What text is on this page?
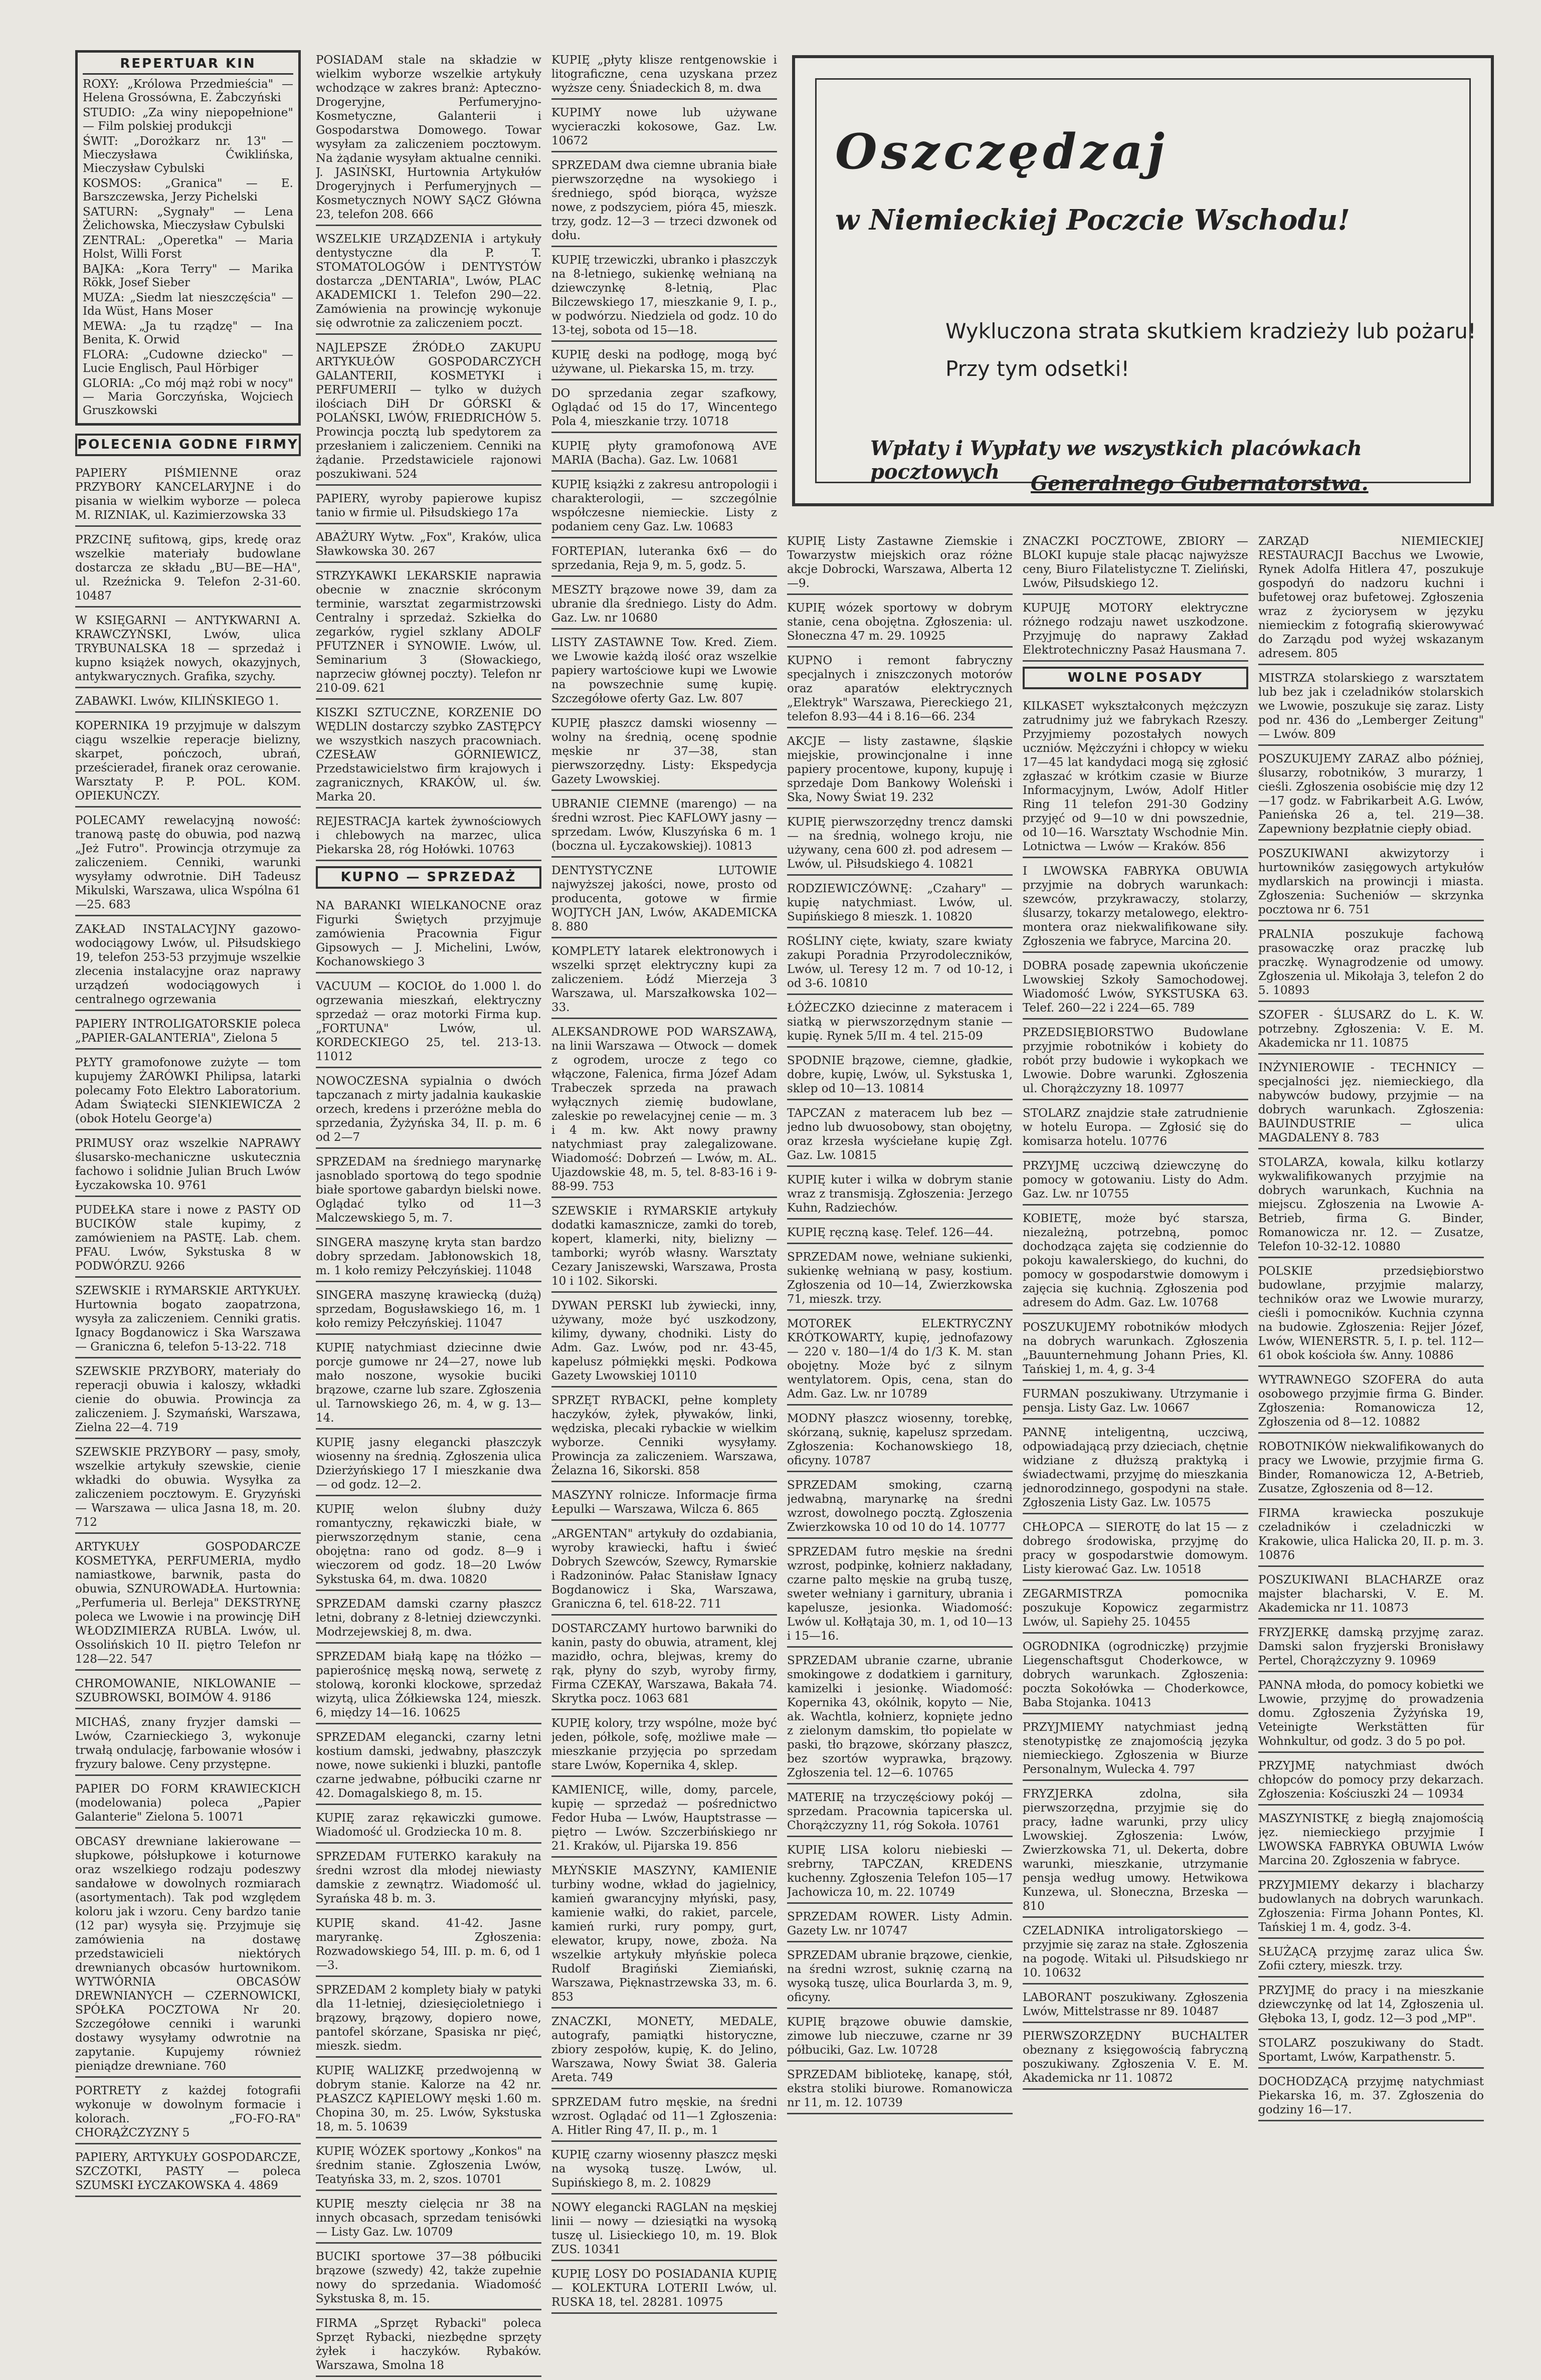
REPERTUAR KIN
ROXY: „Królowa Przedmieścia" — Helena Grossówna, E. Żabczyński
STUDIO: „Za winy niepopełnione" — Film polskiej produkcji
ŚWIT: „Dorożkarz nr. 13" — Mieczysława Ćwiklińska, Mieczysław Cybulski
KOSMOS: „Granica" — E. Barszczewska, Jerzy Pichelski
SATURN: „Sygnały" — Lena Żelichowska, Mieczysław Cybulski
ZENTRAL: „Operetka" — Maria Holst, Willi Forst
BAJKA: „Kora Terry" — Marika Rökk, Josef Sieber
MUZA: „Siedm lat nieszczęścia" — Ida Wüst, Hans Moser
MEWA: „Ja tu rządzę" — Ina Benita, K. Orwid
FLORA: „Cudowne dziecko" — Lucie Englisch, Paul Hörbiger
GLORIA: „Co mój mąż robi w nocy" — Maria Gorczyńska, Wojciech Gruszkowski
POLECENIA GODNE FIRMY
PAPIERY PIŚMIENNE oraz PRZYBORY KANCELARYJNE i do pisania w wielkim wyborze — poleca M. RIZNIAK, ul. Kazimierzowska 33
PRZCINĘ sufitową, gips, kredę oraz wszelkie materiały budowlane dostarcza ze składu „BU—BE—HA", ul. Rzeźnicka 9. Telefon 2-31-60. 10487
W KSIĘGARNI — ANTYKWARNI A. KRAWCZYŃSKI, Lwów, ulica TRYBUNALSKA 18 — sprzedaż i kupno książek nowych, okazyjnych, antykwarycznych. Grafika, szychy.
ZABAWKI. Lwów, KILIŃSKIEGO 1.
KOPERNIKA 19 przyjmuje w dalszym ciągu wszelkie reperacje bielizny, skarpet, pończoch, ubrań, prześcieradeł, firanek oraz cerowanie. Warsztaty P. P. POL. KOM. OPIEKUŃCZY.
POLECAMY rewelacyjną nowość: tranową pastę do obuwia, pod nazwą „Jeż Futro". Prowincja otrzymuje za zaliczeniem. Cenniki, warunki wysyłamy odwrotnie. DiH Tadeusz Mikulski, Warszawa, ulica Wspólna 61—25. 683
ZAKŁAD INSTALACYJNY gazowo-wodociągowy Lwów, ul. Piłsudskiego 19, telefon 253-53 przyjmuje wszelkie zlecenia instalacyjne oraz naprawy urządzeń wodociągowych i centralnego ogrzewania
PAPIERY INTROLIGATORSKIE poleca „PAPIER-GALANTERIA", Zielona 5
PŁYTY gramofonowe zużyte — tom kupujemy ŻARÓWKI Philipsa, latarki polecamy Foto Elektro Laboratorium. Adam Świątecki SIENKIEWICZA 2 (obok Hotelu George'a)
PRIMUSY oraz wszelkie NAPRAWY ślusarsko-mechaniczne uskutecznia fachowo i solidnie Julian Bruch Lwów Łyczakowska 10. 9761
PUDEŁKA stare i nowe z PASTY OD BUCIKÓW stale kupimy, z zamówieniem na PASTĘ. Lab. chem. PFAU. Lwów, Sykstuska 8 w PODWÓRZU. 9266
SZEWSKIE i RYMARSKIE ARTYKUŁY. Hurtownia bogato zaopatrzona, wysyła za zaliczeniem. Cenniki gratis. Ignacy Bogdanowicz i Ska Warszawa — Graniczna 6, telefon 5-13-22. 718
SZEWSKIE PRZYBORY, materiały do reperacji obuwia i kaloszy, wkładki cienie do obuwia. Prowincja za zaliczeniem. J. Szymański, Warszawa, Zielna 22—4. 719
SZEWSKIE PRZYBORY — pasy, smoły, wszelkie artykuły szewskie, cienie wkładki do obuwia. Wysyłka za zaliczeniem pocztowym. E. Gryzyński — Warszawa — ulica Jasna 18, m. 20. 712
ARTYKUŁY GOSPODARCZE KOSMETYKA, PERFUMERIA, mydło namiastkowe, barwnik, pasta do obuwia, SZNUROWADŁA. Hurtownia: „Perfumeria ul. Berleja" DEKSTRYNĘ poleca we Lwowie i na prowincję DiH WŁODZIMIERZA RUBLA. Lwów, ul. Ossolińskich 10 II. piętro Telefon nr 128—22. 547
CHROMOWANIE, NIKLOWANIE — SZUBROWSKI, BOIMÓW 4. 9186
MICHAŚ, znany fryzjer damski — Lwów, Czarnieckiego 3, wykonuje trwałą ondulację, farbowanie włosów i fryzury balowe. Ceny przystępne.
PAPIER DO FORM KRAWIECKICH (modelowania) poleca „Papier Galanterie" Zielona 5. 10071
OBCASY drewniane lakierowane — słupkowe, półsłupkowe i koturnowe oraz wszelkiego rodzaju podeszwy sandałowe w dowolnych rozmiarach (asortymentach). Tak pod względem koloru jak i wzoru. Ceny bardzo tanie (12 par) wysyła się. Przyjmuje się zamówienia na dostawę przedstawicieli niektórych drewnianych obcasów hurtownikom. WYTWÓRNIA OBCASÓW DREWNIANYCH — CZERNOWICKI, SPÓŁKA POCZTOWA Nr 20. Szczegółowe cenniki i warunki dostawy wysyłamy odwrotnie na zapytanie. Kupujemy również pieniądze drewniane. 760
PORTRETY z każdej fotografii wykonuje w dowolnym formacie i kolorach. „FO-FO-RA" CHORĄŻCZYZNY 5
PAPIERY, ARTYKUŁY GOSPODARCZE, SZCZOTKI, PASTY — poleca SZUMSKI ŁYCZAKOWSKA 4. 4869
POSIADAM stale na składzie w wielkim wyborze wszelkie artykuły wchodzące w zakres branż: Apteczno-Drogeryjne, Perfumeryjno-Kosmetyczne, Galanterii i Gospodarstwa Domowego. Towar wysyłam za zaliczeniem pocztowym. Na żądanie wysyłam aktualne cenniki. J. JASIŃSKI, Hurtownia Artykułów Drogeryjnych i Perfumeryjnych — Kosmetycznych NOWY SĄCZ Główna 23, telefon 208. 666
WSZELKIE URZĄDZENIA i artykuły dentystyczne dla P. T. STOMATOLOGÓW i DENTYSTÓW dostarcza „DENTARIA", Lwów, PLAC AKADEMICKI 1. Telefon 290—22. Zamówienia na prowincję wykonuje się odwrotnie za zaliczeniem poczt.
NAJLEPSZE ŹRÓDŁO ZAKUPU ARTYKUŁÓW GOSPODARCZYCH GALANTERII, KOSMETYKI i PERFUMERII — tylko w dużych ilościach DiH Dr GÓRSKI & POLAŃSKI, LWÓW, FRIEDRICHÓW 5. Prowincja pocztą lub spedytorem za przesłaniem i zaliczeniem. Cenniki na żądanie. Przedstawiciele rajonowi poszukiwani. 524
PAPIERY, wyroby papierowe kupisz tanio w firmie ul. Piłsudskiego 17a
ABAŻURY Wytw. „Fox", Kraków, ulica Sławkowska 30. 267
STRZYKAWKI LEKARSKIE naprawia obecnie w znacznie skróconym terminie, warsztat zegarmistrzowski Centralny i sprzedaż. Szkiełka do zegarków, rygiel szklany ADOLF PFUTZNER i SYNOWIE. Lwów, ul. Seminarium 3 (Słowackiego, naprzeciw głównej poczty). Telefon nr 210-09. 621
KISZKI SZTUCZNE, KORZENIE DO WĘDLIN dostarczy szybko ZASTĘPCY we wszystkich naszych pracowniach. CZESŁAW GÓRNIEWICZ, Przedstawicielstwo firm krajowych i zagranicznych, KRAKÓW, ul. św. Marka 20.
REJESTRACJA kartek żywnościowych i chlebowych na marzec, ulica Piekarska 28, róg Hołówki. 10763
KUPNO — SPRZEDAŻ
NA BARANKI WIELKANOCNE oraz Figurki Świętych przyjmuje zamówienia Pracownia Figur Gipsowych — J. Michelini, Lwów, Kochanowskiego 3
VACUUM — KOCIOŁ do 1.000 l. do ogrzewania mieszkań, elektryczny sprzedaż — oraz motorki Firma kup. „FORTUNA" Lwów, ul. KORDECKIEGO 25, tel. 213-13. 11012
NOWOCZESNA sypialnia o dwóch tapczanach z mirty jadalnia kaukaskie orzech, kredens i przeróżne mebla do sprzedania, Żyżyńska 34, II. p. m. 6 od 2—7
SPRZEDAM na średniego marynarkę jasnoblado sportową do tego spodnie białe sportowe gabardyn bielski nowe. Oglądać tylko od 11—3 Malczewskiego 5, m. 7.
SINGERA maszynę kryta stan bardzo dobry sprzedam. Jabłonowskich 18, m. 1 koło remizy Pełczyńskiej. 11048
SINGERA maszynę krawiecką (dużą) sprzedam, Bogusławskiego 16, m. 1 koło remizy Pełczyńskiej. 11047
KUPIĘ natychmiast dziecinne dwie porcje gumowe nr 24—27, nowe lub mało noszone, wysokie buciki brązowe, czarne lub szare. Zgłoszenia ul. Tarnowskiego 26, m. 4, w g. 13—14.
KUPIĘ jasny elegancki płaszczyk wiosenny na średnią. Zgłoszenia ulica Dzierżyńskiego 17 I mieszkanie dwa — od godz. 12—2.
KUPIĘ welon ślubny duży romantyczny, rękawiczki białe, w pierwszorzędnym stanie, cena obojętna: rano od godz. 8—9 i wieczorem od godz. 18—20 Lwów Sykstuska 64, m. dwa. 10820
SPRZEDAM damski czarny płaszcz letni, dobrany z 8-letniej dziewczynki. Modrzejewskiej 8, m. dwa.
SPRZEDAM białą kapę na tłóżko — papierośnicę męską nową, serwetę z stolową, koronki klockowe, sprzedaż wizytą, ulica Żółkiewska 124, mieszk. 6, między 14—16. 10625
SPRZEDAM elegancki, czarny letni kostium damski, jedwabny, płaszczyk nowe, nowe sukienki i bluzki, pantofle czarne jedwabne, półbuciki czarne nr 42. Domagalskiego 8, m. 15.
KUPIĘ zaraz rękawiczki gumowe. Wiadomość ul. Grodziecka 10 m. 8.
SPRZEDAM FUTERKO karakuły na średni wzrost dla młodej niewiasty damskie z zewnątrz. Wiadomość ul. Syrańska 48 b. m. 3.
KUPIĘ skand. 41-42. Jasne maryrankę. Zgłoszenia: Rozwadowskiego 54, III. p. m. 6, od 1—3.
SPRZEDAM 2 komplety biały w patyki dla 11-letniej, dziesięcioletniego i brązowy, brązowy, dopiero nowe, pantofel skórzane, Spasiska nr pięć, mieszk. siedm.
KUPIĘ WALIZKĘ przedwojenną w dobrym stanie. Kalorze na 42 nr. PŁASZCZ KĄPIELOWY męski 1.60 m. Chopina 30, m. 25. Lwów, Sykstuska 18, m. 5. 10639
KUPIĘ WÓZEK sportowy „Konkos" na średnim stanie. Zgłoszenia Lwów, Teatyńska 33, m. 2, szos. 10701
KUPIĘ meszty cielęcia nr 38 na innych obcasach, sprzedam tenisówki — Listy Gaz. Lw. 10709
BUCIKI sportowe 37—38 półbuciki brązowe (szwedy) 42, także zupełnie nowy do sprzedania. Wiadomość Sykstuska 8, m. 15.
FIRMA „Sprzęt Rybacki" poleca Sprzęt Rybacki, niezbędne sprzęty żyłek i haczyków. Rybaków. Warszawa, Smolna 18
KUPIĘ „płyty klisze rentgenowskie i litograficzne, cena uzyskana przez wyższe ceny. Śniadeckich 8, m. dwa
KUPIMY nowe lub używane wycieraczki kokosowe, Gaz. Lw. 10672
SPRZEDAM dwa ciemne ubrania białe pierwszorzędne na wysokiego i średniego, spód biorąca, wyższe nowe, z podszyciem, pióra 45, mieszk. trzy, godz. 12—3 — trzeci dzwonek od dołu.
KUPIĘ trzewiczki, ubranko i płaszczyk na 8-letniego, sukienkę wełnianą na dziewczynkę 8-letnią, Plac Bilczewskiego 17, mieszkanie 9, I. p., w podwórzu. Niedziela od godz. 10 do 13-tej, sobota od 15—18.
KUPIĘ deski na podłogę, mogą być używane, ul. Piekarska 15, m. trzy.
DO sprzedania zegar szafkowy, Oglądać od 15 do 17, Wincentego Pola 4, mieszkanie trzy. 10718
KUPIĘ płyty gramofonową AVE MARIA (Bacha). Gaz. Lw. 10681
KUPIĘ książki z zakresu antropologii i charakterologii, — szczególnie współczesne niemieckie. Listy z podaniem ceny Gaz. Lw. 10683
FORTEPIAN, luteranka 6x6 — do sprzedania, Reja 9, m. 5, godz. 5.
MESZTY brązowe nowe 39, dam za ubranie dla średniego. Listy do Adm. Gaz. Lw. nr 10680
LISTY ZASTAWNE Tow. Kred. Ziem. we Lwowie każdą ilość oraz wszelkie papiery wartościowe kupi we Lwowie na powszechnie sumę kupię. Szczegółowe oferty Gaz. Lw. 807
KUPIĘ płaszcz damski wiosenny — wolny na średnią, ocenę spodnie męskie nr 37—38, stan pierwszorzędny. Listy: Ekspedycja Gazety Lwowskiej.
UBRANIE CIEMNE (marengo) — na średni wzrost. Piec KAFLOWY jasny — sprzedam. Lwów, Kluszyńska 6 m. 1 (boczna ul. Łyczakowskiej). 10813
DENTYSTYCZNE LUTOWIE najwyższej jakości, nowe, prosto od producenta, gotowe w firmie WOJTYCH JAN, Lwów, AKADEMICKA 8. 880
KOMPLETY latarek elektronowych i wszelki sprzęt elektryczny kupi za zaliczeniem. Łódź Mierzeja 3 Warszawa, ul. Marszałkowska 102—33.
ALEKSANDROWE POD WARSZAWĄ, na linii Warszawa — Otwock — domek z ogrodem, urocze z tego co włączone, Falenica, firma Józef Adam Trabeczek sprzeda na prawach wyłącznych ziemię budowlane, zaleskie po rewelacyjnej cenie — m. 3 i 4 m. kw. Akt nowy prawny natychmiast pray zalegalizowane. Wiadomość: Dobrzeń — Lwów, m. AL. Ujazdowskie 48, m. 5, tel. 8-83-16 i 9-88-99. 753
SZEWSKIE i RYMARSKIE artykuły dodatki kamasznicze, zamki do toreb, kopert, klamerki, nity, bielizny — tamborki; wyrób własny. Warsztaty Cezary Janiszewski, Warszawa, Prosta 10 i 102. Sikorski.
DYWAN PERSKI lub żywiecki, inny, używany, może być uszkodzony, kilimy, dywany, chodniki. Listy do Adm. Gaz. Lwów, pod nr. 43-45, kapelusz półmiękki męski. Podkowa Gazety Lwowskiej 10110
SPRZĘT RYBACKI, pełne komplety haczyków, żyłek, pływaków, linki, wędziska, plecaki rybackie w wielkim wyborze. Cenniki wysyłamy. Prowincja za zaliczeniem. Warszawa, Żelazna 16, Sikorski. 858
MASZYNY rolnicze. Informacje firma Łepulki — Warszawa, Wilcza 6. 865
„ARGENTAN" artykuły do ozdabiania, wyroby krawiecki, haftu i świeć Dobrych Szewców, Szewcy, Rymarskie i Radzoninów. Pałac Stanisław Ignacy Bogdanowicz i Ska, Warszawa, Graniczna 6, tel. 618-22. 711
DOSTARCZAMY hurtowo barwniki do kanin, pasty do obuwia, atrament, klej mazidło, ochra, blejwas, kremy do rąk, płyny do szyb, wyroby firmy, Firma CZEKAY, Warszawa, Bakała 74. Skrytka pocz. 1063 681
KUPIĘ kolory, trzy wspólne, może być jeden, półkole, sofę, możliwe małe — mieszkanie przyjęcia po sprzedam stare Lwów, Kopernika 4, sklep.
KAMIENICĘ, wille, domy, parcele, kupię — sprzedaż — pośrednictwo Fedor Huba — Lwów, Hauptstrasse — piętro — Lwów. Szczerbińskiego nr 21. Kraków, ul. Pijarska 19. 856
MŁYŃSKIE MASZYNY, KAMIENIE turbiny wodne, wkład do jagielnicy, kamień gwarancyjny młyński, pasy, kamienie wałki, do rakiet, parcele, kamień rurki, rury pompy, gurt, elewator, krupy, nowe, zboża. Na wszelkie artykuły młyńskie poleca Rudolf Bragiński Ziemiański, Warszawa, Pięknastrzewska 33, m. 6. 853
ZNACZKI, MONETY, MEDALE, autografy, pamiątki historyczne, zbiory zespołów, kupię, K. do Jelino, Warszawa, Nowy Świat 38. Galeria Areta. 749
SPRZEDAM futro męskie, na średni wzrost. Oglądać od 11—1 Zgłoszenia: A. Hitler Ring 47, II. p., m. 1
KUPIĘ czarny wiosenny płaszcz męski na wysoką tuszę. Lwów, ul. Supińskiego 8, m. 2. 10829
NOWY elegancki RAGLAN na męskiej linii — nowy — dziesiątki na wysoką tuszę ul. Lisieckiego 10, m. 19. Blok ZUS. 10341
KUPIĘ LOSY DO POSIADANIA KUPIĘ — KOLEKTURA LOTERII Lwów, ul. RUSKA 18, tel. 28281. 10975
Oszczędzaj
w Niemieckiej Poczcie Wschodu!
Wykluczona strata skutkiem kradzieży lub pożaru!
Przy tym odsetki!
Wpłaty i Wypłaty we wszystkich placówkach pocztowych	Generalnego Gubernatorstwa.
KUPIĘ Listy Zastawne Ziemskie i Towarzystw miejskich oraz różne akcje Dobrocki, Warszawa, Alberta 12—9.
KUPIĘ wózek sportowy w dobrym stanie, cena obojętna. Zgłoszenia: ul. Słoneczna 47 m. 29. 10925
KUPNO i remont fabryczny specjalnych i zniszczonych motorów oraz aparatów elektrycznych „Elektryk" Warszawa, Piereckiego 21, telefon 8.93—44 i 8.16—66. 234
AKCJE — listy zastawne, śląskie miejskie, prowincjonalne i inne papiery procentowe, kupony, kupuję i sprzedaje Dom Bankowy Woleński i Ska, Nowy Świat 19. 232
KUPIĘ pierwszorzędny trencz damski — na średnią, wolnego kroju, nie używany, cena 600 zł. pod adresem — Lwów, ul. Piłsudskiego 4. 10821
RODZIEWICZÓWNĘ: „Czahary" — kupię natychmiast. Lwów, ul. Supińskiego 8 mieszk. 1. 10820
ROŚLINY cięte, kwiaty, szare kwiaty zakupi Poradnia Przyrodoleczników, Lwów, ul. Teresy 12 m. 7 od 10-12, i od 3-6. 10810
ŁÓŻECZKO dziecinne z materacem i siatką w pierwszorzędnym stanie — kupię. Rynek 5/II m. 4 tel. 215-09
SPODNIE brązowe, ciemne, gładkie, dobre, kupię, Lwów, ul. Sykstuska 1, sklep od 10—13. 10814
TAPCZAN z materacem lub bez — jedno lub dwuosobowy, stan obojętny, oraz krzesła wyściełane kupię Zgł. Gaz. Lw. 10815
KUPIĘ kuter i wilka w dobrym stanie wraz z transmisją. Zgłoszenia: Jerzego Kuhn, Radziechów.
KUPIĘ ręczną kasę. Telef. 126—44.
SPRZEDAM nowe, wełniane sukienki, sukienkę wełnianą w pasy, kostium. Zgłoszenia od 10—14, Zwierzkowska 71, mieszk. trzy.
MOTOREK ELEKTRYCZNY KRÓTKOWARTY, kupię, jednofazowy — 220 v. 180—1/4 do 1/3 K. M. stan obojętny. Może być z silnym wentylatorem. Opis, cena, stan do Adm. Gaz. Lw. nr 10789
MODNY płaszcz wiosenny, torebkę, skórzaną, suknię, kapelusz sprzedam. Zgłoszenia: Kochanowskiego 18, oficyny. 10787
SPRZEDAM smoking, czarną jedwabną, marynarkę na średni wzrost, dowolnego pocztą. Zgłoszenia Zwierzkowska 10 od 10 do 14. 10777
SPRZEDAM futro męskie na średni wzrost, podpinkę, kołnierz nakładany, czarne palto męskie na grubą tuszę, sweter wełniany i garnitury, ubrania i kapelusze, jesionka. Wiadomość: Lwów ul. Kołłątaja 30, m. 1, od 10—13 i 15—16.
SPRZEDAM ubranie czarne, ubranie smokingowe z dodatkiem i garnitury, kamizelki i jesionkę. Wiadomość: Kopernika 43, okólnik, kopyto — Nie, ak. Wachtla, kołnierz, kopnięte jedno z zielonym damskim, tło popielate w paski, tło brązowe, skórzany płaszcz, bez szortów wyprawka, brązowy. Zgłoszenia tel. 12—6. 10765
MATERIĘ na trzyczęściowy pokój — sprzedam. Pracownia tapicerska ul. Chorążczyzny 11, róg Sokoła. 10761
KUPIĘ LISA koloru niebieski — srebrny, TAPCZAN, KREDENS kuchenny. Zgłoszenia Telefon 105—17 Jachowicza 10, m. 22. 10749
SPRZEDAM ROWER. Listy Admin. Gazety Lw. nr 10747
SPRZEDAM ubranie brązowe, cienkie, na średni wzrost, suknię czarną na wysoką tuszę, ulica Bourlarda 3, m. 9, oficyny.
KUPIĘ brązowe obuwie damskie, zimowe lub nieczuwe, czarne nr 39 półbuciki, Gaz. Lw. 10728
SPRZEDAM bibliotekę, kanapę, stół, ekstra stoliki biurowe. Romanowicza nr 11, m. 12. 10739
ZNACZKI POCZTOWE, ZBIORY — BLOKI kupuje stale płacąc najwyższe ceny, Biuro Filatelistyczne T. Zieliński, Lwów, Piłsudskiego 12.
KUPUJĘ MOTORY elektryczne różnego rodzaju nawet uszkodzone. Przyjmuję do naprawy Zakład Elektrotechniczny Pasaż Hausmana 7.
WOLNE POSADY
KILKASET wykształconych mężczyzn zatrudnimy już we fabrykach Rzeszy. Przyjmiemy pozostałych nowych uczniów. Mężczyźni i chłopcy w wieku 17—45 lat kandydaci mogą się zgłosić zgłaszać w krótkim czasie w Biurze Informacyjnym, Lwów, Adolf Hitler Ring 11 telefon 291-30 Godziny przyjęć od 9—10 w dni powszednie, od 10—16. Warsztaty Wschodnie Min. Lotnictwa — Lwów — Kraków. 856
I LWOWSKA FABRYKA OBUWIA przyjmie na dobrych warunkach: szewców, przykrawaczy, stolarzy, ślusarzy, tokarzy metalowego, elektro-montera oraz niekwalifikowane siły. Zgłoszenia we fabryce, Marcina 20.
DOBRA posadę zapewnia ukończenie Lwowskiej Szkoły Samochodowej. Wiadomość Lwów, SYKSTUSKA 63. Telef. 260—22 i 224—65. 789
PRZEDSIĘBIORSTWO Budowlane przyjmie robotników i kobiety do robót przy budowie i wykopkach we Lwowie. Dobre warunki. Zgłoszenia ul. Chorążczyzny 18. 10977
STOLARZ znajdzie stałe zatrudnienie w hotelu Europa. — Zgłosić się do komisarza hotelu. 10776
PRZYJMĘ uczciwą dziewczynę do pomocy w gotowaniu. Listy do Adm. Gaz. Lw. nr 10755
KOBIETĘ, może być starsza, niezależną, potrzebną, pomoc dochodząca zajęta się codziennie do pokoju kawalerskiego, do kuchni, do pomocy w gospodarstwie domowym i zajęcia się kuchnią. Zgłoszenia pod adresem do Adm. Gaz. Lw. 10768
POSZUKUJEMY robotników młodych na dobrych warunkach. Zgłoszenia „Bauunternehmung Johann Pries, Kl. Tańskiej 1, m. 4, g. 3-4
FURMAN poszukiwany. Utrzymanie i pensja. Listy Gaz. Lw. 10667
PANNĘ inteligentną, uczciwą, odpowiadającą przy dzieciach, chętnie widziane z dłuższą praktyką i świadectwami, przyjmę do mieszkania jednorodzinnego, gospodyni na stałe. Zgłoszenia Listy Gaz. Lw. 10575
CHŁOPCA — SIEROTĘ do lat 15 — z dobrego środowiska, przyjmę do pracy w gospodarstwie domowym. Listy kierować Gaz. Lw. 10518
ZEGARMISTRZA pomocnika poszukuje Kopowicz zegarmistrz Lwów, ul. Sapiehy 25. 10455
OGRODNIKA (ogrodniczkę) przyjmie Liegenschaftsgut Choderkowce, w dobrych warunkach. Zgłoszenia: poczta Sokołówka — Choderkowce, Baba Stojanka. 10413
PRZYJMIEMY natychmiast jedną stenotypistkę ze znajomością języka niemieckiego. Zgłoszenia w Biurze Personalnym, Wulecka 4. 797
FRYZJERKA zdolna, siła pierwszorzędna, przyjmie się do pracy, ładne warunki, przy ulicy Lwowskiej. Zgłoszenia: Lwów, Zwierzkowska 71, ul. Dekerta, dobre warunki, mieszkanie, utrzymanie pensja według umowy. Hetwikowa Kunzewa, ul. Słoneczna, Brzeska — 810
CZELADNIKA introligatorskiego — przyjmie się zaraz na stałe. Zgłoszenia na pogodę. Witaki ul. Piłsudskiego nr 10. 10632
LABORANT poszukiwany. Zgłoszenia Lwów, Mittelstrasse nr 89. 10487
PIERWSZORZĘDNY BUCHALTER obeznany z księgowością fabryczną poszukiwany. Zgłoszenia V. E. M. Akademicka nr 11. 10872
ZARZĄD NIEMIECKIEJ RESTAURACJI Bacchus we Lwowie, Rynek Adolfa Hitlera 47, poszukuje gospodyń do nadzoru kuchni i bufetowej oraz bufetowej. Zgłoszenia wraz z życiorysem w języku niemieckim z fotografią skierowywać do Zarządu pod wyżej wskazanym adresem. 805
MISTRZA stolarskiego z warsztatem lub bez jak i czeladników stolarskich we Lwowie, poszukuje się zaraz. Listy pod nr. 436 do „Lemberger Zeitung" — Lwów. 809
POSZUKUJEMY ZARAZ albo później, ślusarzy, robotników, 3 murarzy, 1 cieśli. Zgłoszenia osobiście mię dzy 12—17 godz. w Fabrikarbeit A.G. Lwów, Panieńska 26 a, tel. 219—38. Zapewniony bezpłatnie ciepły obiad.
POSZUKIWANI akwizytorzy i hurtowników zasięgowych artykułów mydlarskich na prowincji i miasta. Zgłoszenia: Sucheniów — skrzynka pocztowa nr 6. 751
PRALNIA poszukuje fachową prasowaczkę oraz praczkę lub praczkę. Wynagrodzenie od umowy. Zgłoszenia ul. Mikołaja 3, telefon 2 do 5. 10893
SZOFER - ŚLUSARZ do L. K. W. potrzebny. Zgłoszenia: V. E. M. Akademicka nr 11. 10875
INŻYNIEROWIE - TECHNICY — specjalności jęz. niemieckiego, dla nabywców budowy, przyjmie — na dobrych warunkach. Zgłoszenia: BAUINDUSTRIE — ulica MAGDALENY 8. 783
STOLARZA, kowala, kilku kotlarzy wykwalifikowanych przyjmie na dobrych warunkach, Kuchnia na miejscu. Zgłoszenia na Lwowie A-Betrieb, firma G. Binder, Romanowicza nr. 12. — Zusatze, Telefon 10-32-12. 10880
POLSKIE przedsiębiorstwo budowlane, przyjmie malarzy, techników oraz we Lwowie murarzy, cieśli i pomocników. Kuchnia czynna na budowie. Zgłoszenia: Rejjer Józef, Lwów, WIENERSTR. 5, I. p. tel. 112—61 obok kościoła św. Anny. 10886
WYTRAWNEGO SZOFERA do auta osobowego przyjmie firma G. Binder. Zgłoszenia: Romanowicza 12, Zgłoszenia od 8—12. 10882
ROBOTNIKÓW niekwalifikowanych do pracy we Lwowie, przyjmie firma G. Binder, Romanowicza 12, A-Betrieb, Zusatze, Zgłoszenia od 8—12.
FIRMA krawiecka poszukuje czeladników i czeladniczki w Krakowie, ulica Halicka 20, II. p. m. 3. 10876
POSZUKIWANI BLACHARZE oraz majster blacharski, V. E. M. Akademicka nr 11. 10873
FRYZJERKĘ damską przyjmę zaraz. Damski salon fryzjerski Bronisławy Pertel, Chorążczyzny 9. 10969
PANNA młoda, do pomocy kobietki we Lwowie, przyjmę do prowadzenia domu. Zgłoszenia Żyżyńska 19, Veteinigte Werkstätten für Wohnkultur, od godz. 3 do 5 po poł.
PRZYJMĘ natychmiast dwóch chłopców do pomocy przy dekarzach. Zgłoszenia: Kościuszki 24 — 10934
MASZYNISTKĘ z biegłą znajomością jęz. niemieckiego przyjmie I LWOWSKA FABRYKA OBUWIA Lwów Marcina 20. Zgłoszenia w fabryce.
PRZYJMIEMY dekarzy i blacharzy budowlanych na dobrych warunkach. Zgłoszenia: Firma Johann Pontes, Kl. Tańskiej 1 m. 4, godz. 3-4.
SŁUŻĄCĄ przyjmę zaraz ulica Św. Zofii cztery, mieszk. trzy.
PRZYJMĘ do pracy i na mieszkanie dziewczynkę od lat 14, Zgłoszenia ul. Głęboka 13, I, godz. 12—3 pod „MP".
STOLARZ poszukiwany do Stadt. Sportamt, Lwów, Karpathenstr. 5.
DOCHODZĄCĄ przyjmę natychmiast Piekarska 16, m. 37. Zgłoszenia do godziny 16—17.
